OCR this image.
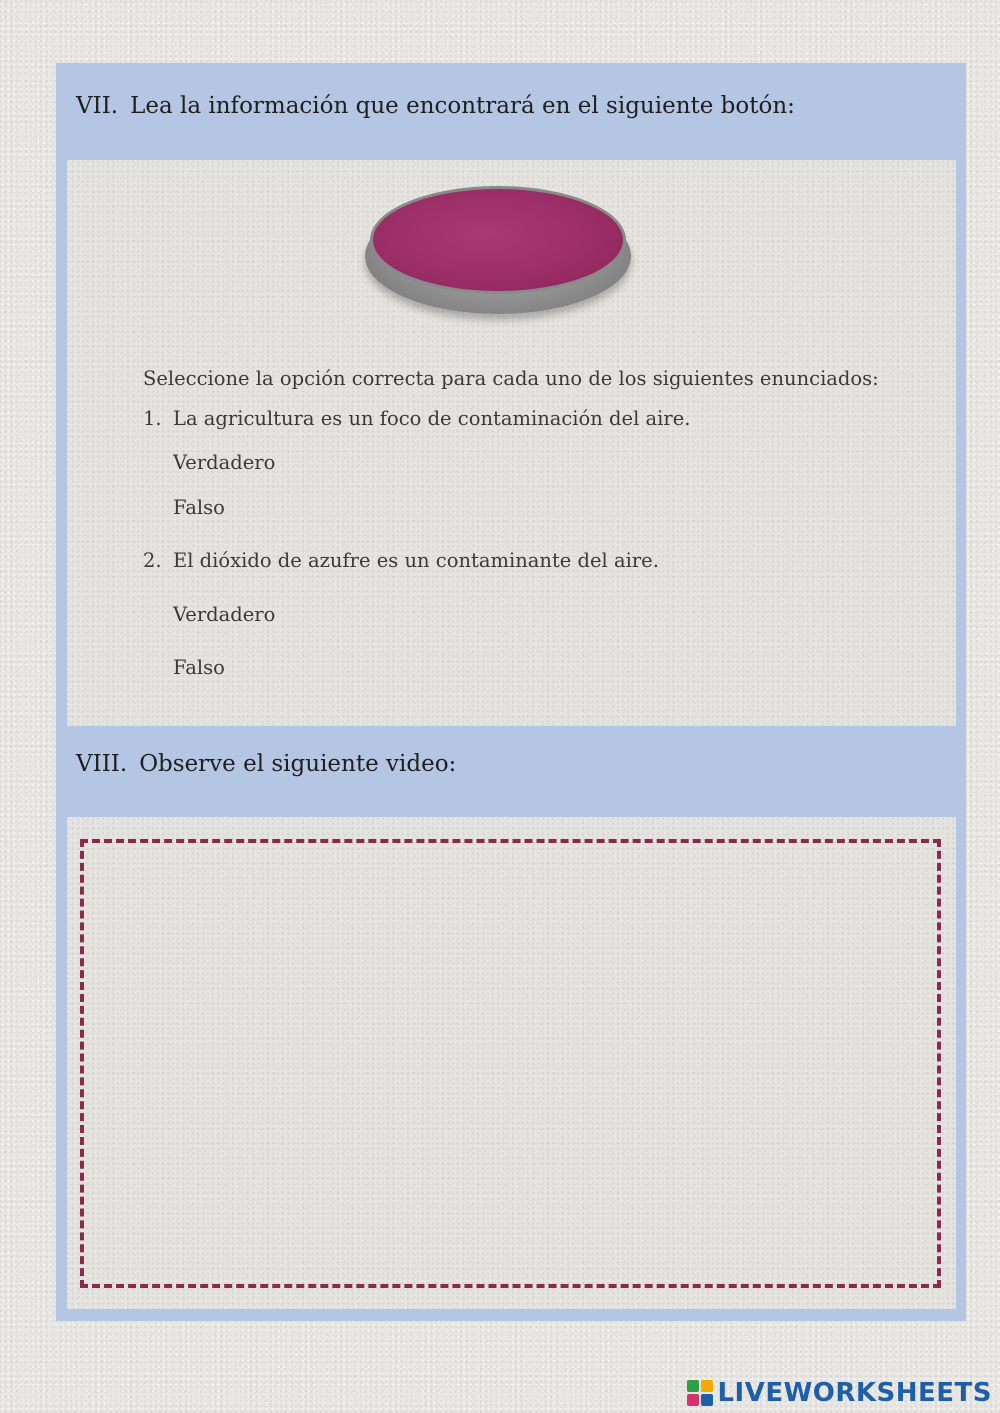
VII. Lea la información que encontrará en el siguiente botón:
Seleccione la opción correcta para cada uno de los siguientes enunciados:
1. La agricultura es un foco de contaminación del aire.
Verdadero
Falso
2. El dióxido de azufre es un contaminante del aire.
Verdadero
Falso
VIII. Observe el siguiente video:
LIVEWORKSHEETS
